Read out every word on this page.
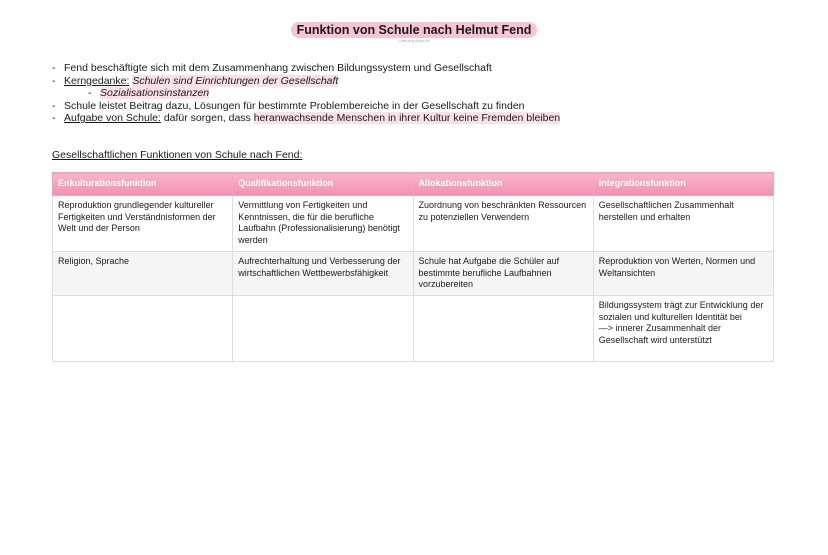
Funktion von Schule nach Helmut Fend
Learning Apps.de
- Fend beschäftigte sich mit dem Zusammenhang zwischen Bildungssystem und Gesellschaft
- Kerngedanke: Schulen sind Einrichtungen der Gesellschaft
- Sozialisationsinstanzen
- Schule leistet Beitrag dazu, Lösungen für bestimmte Problembereiche in der Gesellschaft zu finden
- Aufgabe von Schule: dafür sorgen, dass heranwachsende Menschen in ihrer Kultur keine Fremden bleiben
Gesellschaftlichen Funktionen von Schule nach Fend:
Enkulturationsfunktion	Qualifikationsfunktion	Allokationsfunktion	Integrationsfunktion
Reproduktion grundlegender kultureller Fertigkeiten und Verständnisformen der Welt und der Person	Vermittlung von Fertigkeiten und Kenntnissen, die für die berufliche Laufbahn (Professionalisierung) benötigt werden	Zuordnung von beschränkten Ressourcen zu potenziellen Verwendern	Gesellschaftlichen Zusammenhalt herstellen und erhalten
Religion, Sprache	Aufrechterhaltung und Verbesserung der wirtschaftlichen Wettbewerbsfähigkeit	Schule hat Aufgabe die Schüler auf bestimmte berufliche Laufbahnen vorzubereiten	Reproduktion von Werten, Normen und Weltansichten

			Bildungssystem trägt zur Entwicklung der sozialen und kulturellen Identität bei
—> innerer Zusammenhalt der Gesellschaft wird unterstützt
